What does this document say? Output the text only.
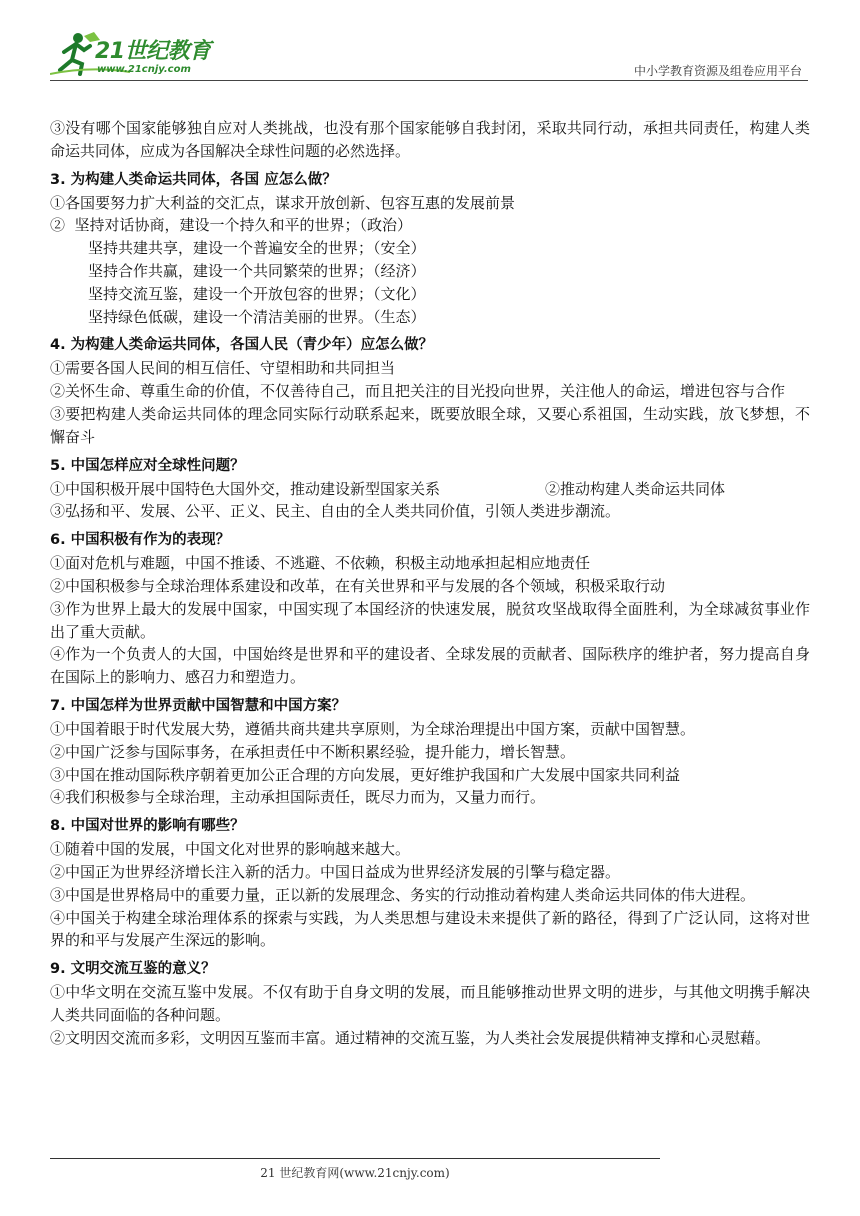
21世纪教育
www.21cnjy.com	中小学教育资源及组卷应用平台

③没有哪个国家能够独自应对人类挑战，也没有那个国家能够自我封闭，采取共同行动，承担共同责任，构建人类命运共同体，应成为各国解决全球性问题的必然选择。

3. 为构建人类命运共同体，各国 应怎么做？

①各国要努力扩大利益的交汇点，谋求开放创新、包容互惠的发展前景

②  坚持对话协商，建设一个持久和平的世界；（政治）

坚持共建共享，建设一个普遍安全的世界；（安全）

坚持合作共赢，建设一个共同繁荣的世界；（经济）

坚持交流互鉴，建设一个开放包容的世界；（文化）

坚持绿色低碳，建设一个清洁美丽的世界。（生态）

4. 为构建人类命运共同体，各国人民（青少年）应怎么做？

①需要各国人民间的相互信任、守望相助和共同担当

②关怀生命、尊重生命的价值，不仅善待自己，而且把关注的目光投向世界，关注他人的命运，增进包容与合作

③要把构建人类命运共同体的理念同实际行动联系起来，既要放眼全球，又要心系祖国，生动实践，放飞梦想，不懈奋斗

5. 中国怎样应对全球性问题？
①中国积极开展中国特色大国外交，推动建设新型国家关系	②推动构建人类命运共同体

③弘扬和平、发展、公平、正义、民主、自由的全人类共同价值，引领人类进步潮流。

6. 中国积极有作为的表现？

①面对危机与难题，中国不推诿、不逃避、不依赖，积极主动地承担起相应地责任

②中国积极参与全球治理体系建设和改革，在有关世界和平与发展的各个领域，积极采取行动

③作为世界上最大的发展中国家，中国实现了本国经济的快速发展，脱贫攻坚战取得全面胜利，为全球减贫事业作出了重大贡献。

④作为一个负责人的大国，中国始终是世界和平的建设者、全球发展的贡献者、国际秩序的维护者，努力提高自身在国际上的影响力、感召力和塑造力。

7. 中国怎样为世界贡献中国智慧和中国方案？

①中国着眼于时代发展大势，遵循共商共建共享原则，为全球治理提出中国方案，贡献中国智慧。

②中国广泛参与国际事务，在承担责任中不断积累经验，提升能力，增长智慧。

③中国在推动国际秩序朝着更加公正合理的方向发展，更好维护我国和广大发展中国家共同利益

④我们积极参与全球治理，主动承担国际责任，既尽力而为，又量力而行。

8. 中国对世界的影响有哪些？

①随着中国的发展，中国文化对世界的影响越来越大。

②中国正为世界经济增长注入新的活力。中国日益成为世界经济发展的引擎与稳定器。

③中国是世界格局中的重要力量，正以新的发展理念、务实的行动推动着构建人类命运共同体的伟大进程。

④中国关于构建全球治理体系的探索与实践，为人类思想与建设未来提供了新的路径，得到了广泛认同，这将对世界的和平与发展产生深远的影响。

9. 文明交流互鉴的意义？

①中华文明在交流互鉴中发展。不仅有助于自身文明的发展，而且能够推动世界文明的进步，与其他文明携手解决人类共同面临的各种问题。

②文明因交流而多彩，文明因互鉴而丰富。通过精神的交流互鉴，为人类社会发展提供精神支撑和心灵慰藉。

21 世纪教育网(www.21cnjy.com)
